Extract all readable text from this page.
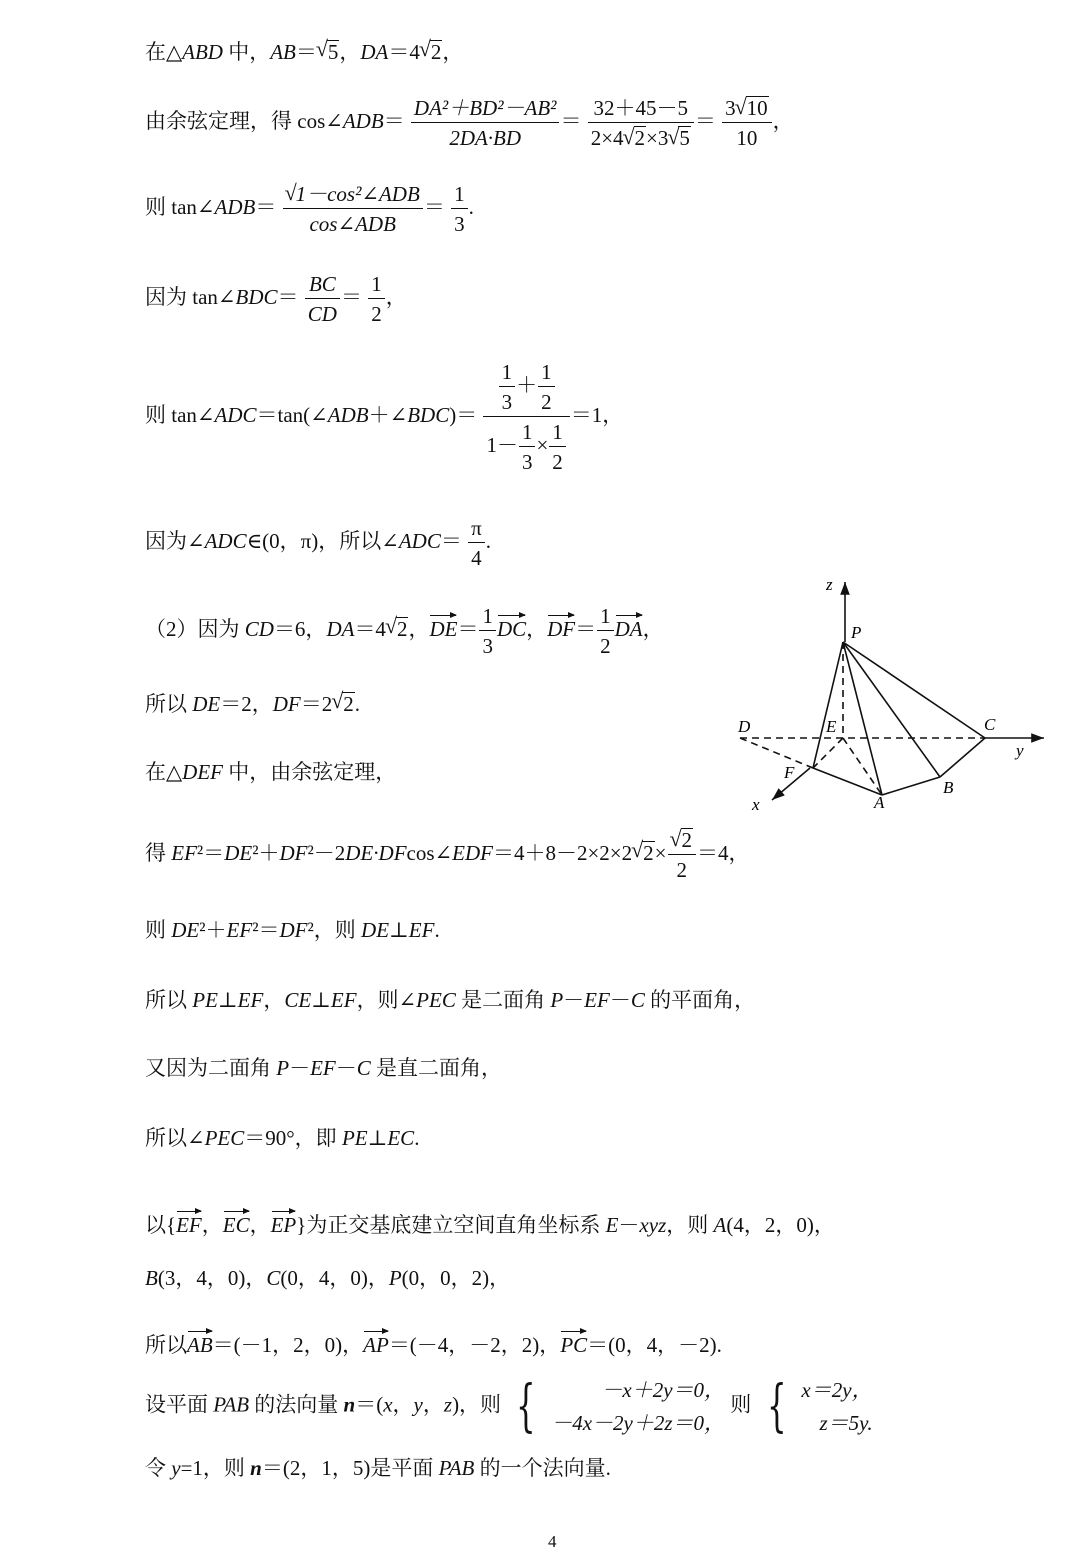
在△ABD 中，AB＝ √ 5，DA＝4 √ 2，
由余弦定理，得 cos∠ADB＝ $\frac{\text{DA²＋BD²－AB²}}{2DA\cdot BD} = \frac{32+45-5}{2\times 4 √ 2\times 3 √ 5} = \frac{3 √ 10}{10}$ ，
则 tan∠ADB＝ √ $\frac{\text{1－cos²∠ADB}}{\text{cos∠ADB}} = \frac{1}{3}$ .
因为 tan∠BDC＝ $\frac{BC}{CD} = \frac{1}{2}$ ，
则 tan∠ADC＝tan(∠ADB＋∠BDC)＝ $\frac{\frac{1}{3} + \frac{1}{2}}{1- \frac{1}{3} \times \frac{1}{2}} =1$，
因为∠ADC∈(0，π)，所以∠ADC＝ $\frac{\pi}{4}$ .
（2）因为 CD＝6，DA＝4 √ 2，$DE= \frac{1}{3}$ DC，$DF= \frac{1}{2}$ DA，
所以 DE＝2，DF＝2 √ 2.
在△DEF 中，由余弦定理，
得 EF²＝DE²＋DF²－2DE·DFcos∠EDF＝4＋8－2×2×2 √ 2× √ $\frac{2}{2} =4$，
则 DE²＋EF²＝DF²，则 DE⊥EF.
所以 PE⊥EF，CE⊥EF，则∠PEC 是二面角 P－EF－C 的平面角，
又因为二面角 P－EF－C 是直二面角，
所以∠PEC＝90°，即 PE⊥EC.
以{EF，EC，EP}为正交基底建立空间直角坐标系 E－xyz，则 A(4，2，0)，
B(3，4，0)，C(0，4，0)，P(0，0，2)，
所以AB＝(－1，2，0)，AP＝(－4，－2，2)，PC＝(0，4，－2).
设平面 PAB 的法向量 n＝(x，y，z)，则 {	－x＋2y＝0，
－4x－2y＋2z＝0，
则 { x＝2y，
z＝5y.
令 y=1，则 n＝(2，1，5)是平面 PAB 的一个法向量.
4
z
P
D	E	C
y
F
B
A
x
